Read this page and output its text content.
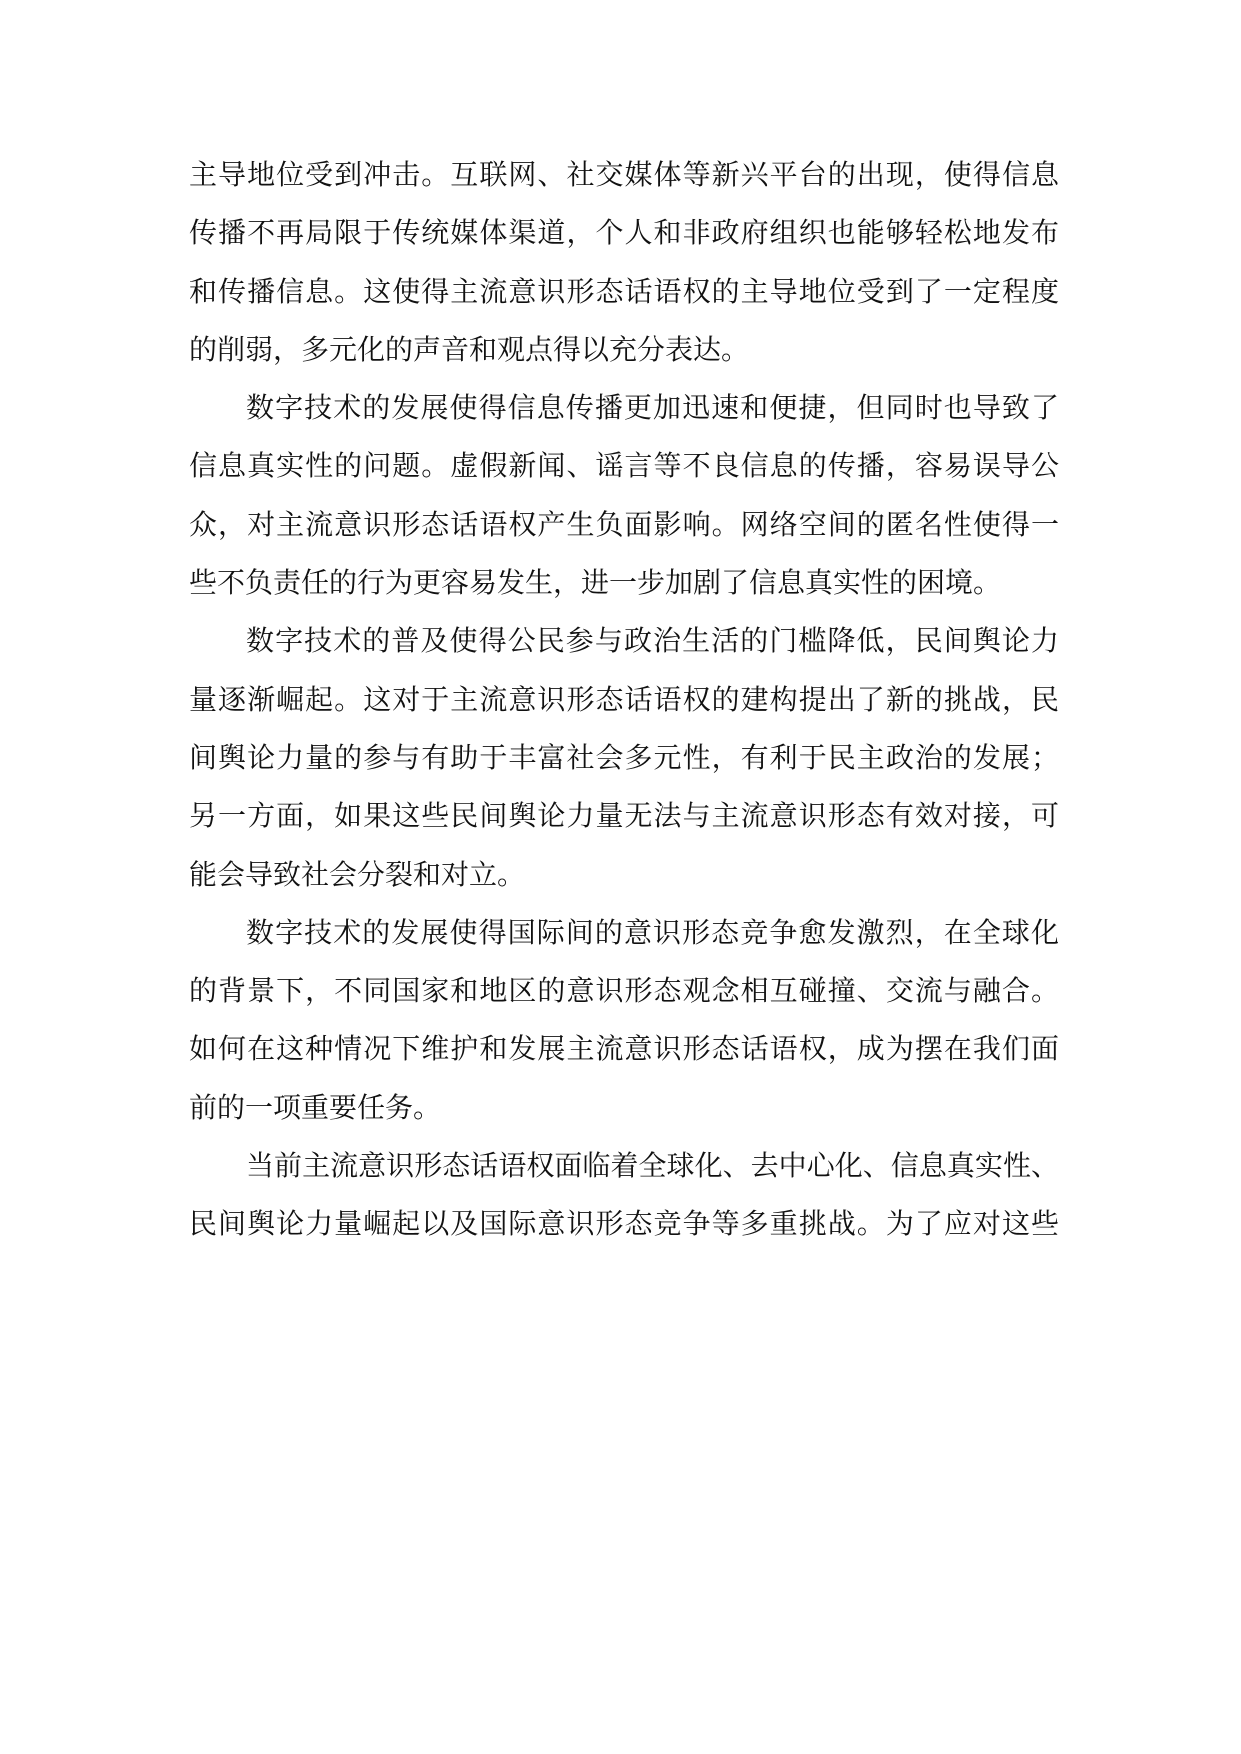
主导地位受到冲击。互联网、社交媒体等新兴平台的出现，使得信息
传播不再局限于传统媒体渠道，个人和非政府组织也能够轻松地发布
和传播信息。这使得主流意识形态话语权的主导地位受到了一定程度
的削弱，多元化的声音和观点得以充分表达。
数字技术的发展使得信息传播更加迅速和便捷，但同时也导致了
信息真实性的问题。虚假新闻、谣言等不良信息的传播，容易误导公
众，对主流意识形态话语权产生负面影响。网络空间的匿名性使得一
些不负责任的行为更容易发生，进一步加剧了信息真实性的困境。
数字技术的普及使得公民参与政治生活的门槛降低，民间舆论力
量逐渐崛起。这对于主流意识形态话语权的建构提出了新的挑战，民
间舆论力量的参与有助于丰富社会多元性，有利于民主政治的发展；
另一方面，如果这些民间舆论力量无法与主流意识形态有效对接，可
能会导致社会分裂和对立。
数字技术的发展使得国际间的意识形态竞争愈发激烈，在全球化
的背景下，不同国家和地区的意识形态观念相互碰撞、交流与融合。
如何在这种情况下维护和发展主流意识形态话语权，成为摆在我们面
前的一项重要任务。
当前主流意识形态话语权面临着全球化、去中心化、信息真实性、
民间舆论力量崛起以及国际意识形态竞争等多重挑战。为了应对这些
